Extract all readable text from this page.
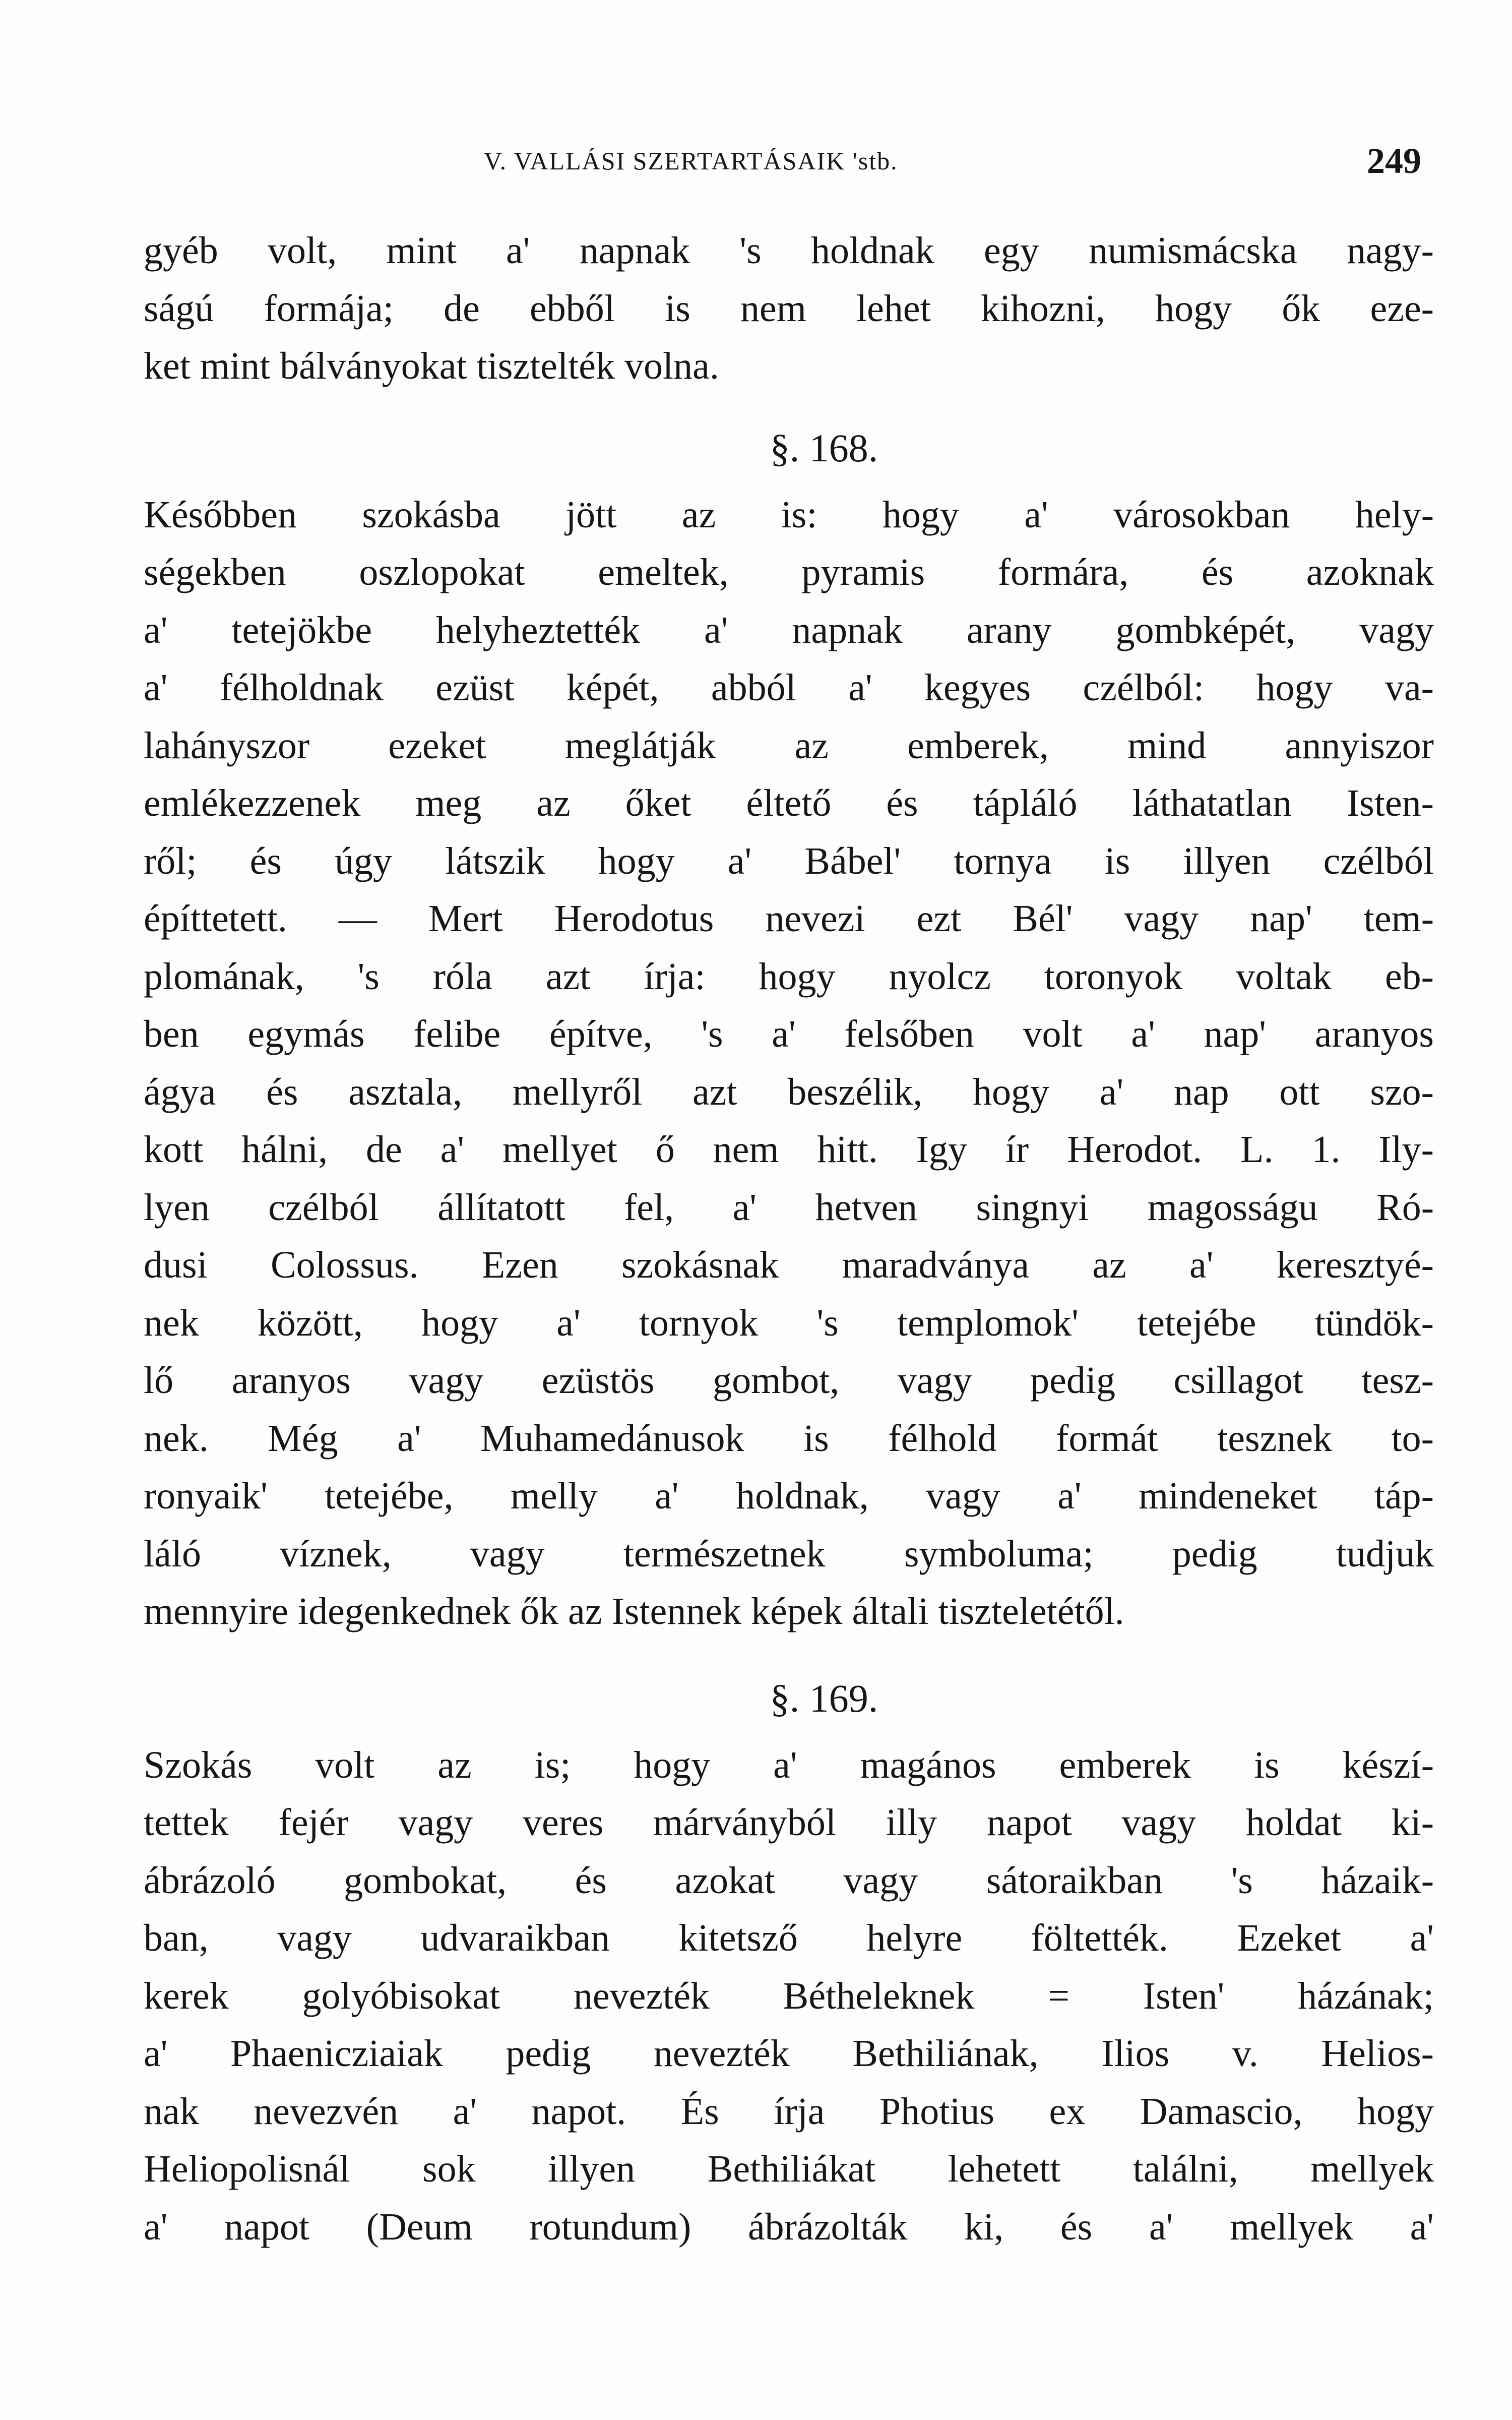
V. VALLÁSI SZERTARTÁSAIK 'stb.	249
gyéb volt, mint a' napnak 's holdnak egy numismácska nagy-
ságú formája; de ebből is nem lehet kihozni, hogy ők eze-
ket mint bálványokat tisztelték volna.
§. 168.
Későbben szokásba jött az is: hogy a' városokban hely-
ségekben oszlopokat emeltek, pyramis formára, és azoknak
a' tetejökbe helyheztették a' napnak arany gombképét, vagy
a' félholdnak ezüst képét, abból a' kegyes czélból: hogy va-
lahányszor ezeket meglátják az emberek, mind annyiszor
emlékezzenek meg az őket éltető és tápláló láthatatlan Isten-
ről; és úgy látszik hogy a' Bábel' tornya is illyen czélból
építtetett. — Mert Herodotus nevezi ezt Bél' vagy nap' tem-
plomának, 's róla azt írja: hogy nyolcz toronyok voltak eb-
ben egymás felibe építve, 's a' felsőben volt a' nap' aranyos
ágya és asztala, mellyről azt beszélik, hogy a' nap ott szo-
kott hálni, de a' mellyet ő nem hitt. Igy ír Herodot. L. 1. Ily-
lyen czélból állítatott fel, a' hetven singnyi magosságu Ró-
dusi Colossus. Ezen szokásnak maradványa az a' keresztyé-
nek között, hogy a' tornyok 's templomok' tetejébe tündök-
lő aranyos vagy ezüstös gombot, vagy pedig csillagot tesz-
nek. Még a' Muhamedánusok is félhold formát tesznek to-
ronyaik' tetejébe, melly a' holdnak, vagy a' mindeneket táp-
láló víznek, vagy természetnek symboluma; pedig tudjuk
mennyire idegenkednek ők az Istennek képek általi tiszteletétől.
§. 169.
Szokás volt az is; hogy a' magános emberek is készí-
tettek fejér vagy veres márványból illy napot vagy holdat ki-
ábrázoló gombokat, és azokat vagy sátoraikban 's házaik-
ban, vagy udvaraikban kitetsző helyre föltették. Ezeket a'
kerek golyóbisokat nevezték Bétheleknek = Isten' házának;
a' Phaenicziaiak pedig nevezték Bethiliának, Ilios v. Helios-
nak nevezvén a' napot. És írja Photius ex Damascio, hogy
Heliopolisnál sok illyen Bethiliákat lehetett találni, mellyek
a' napot (Deum rotundum) ábrázolták ki, és a' mellyek a'
